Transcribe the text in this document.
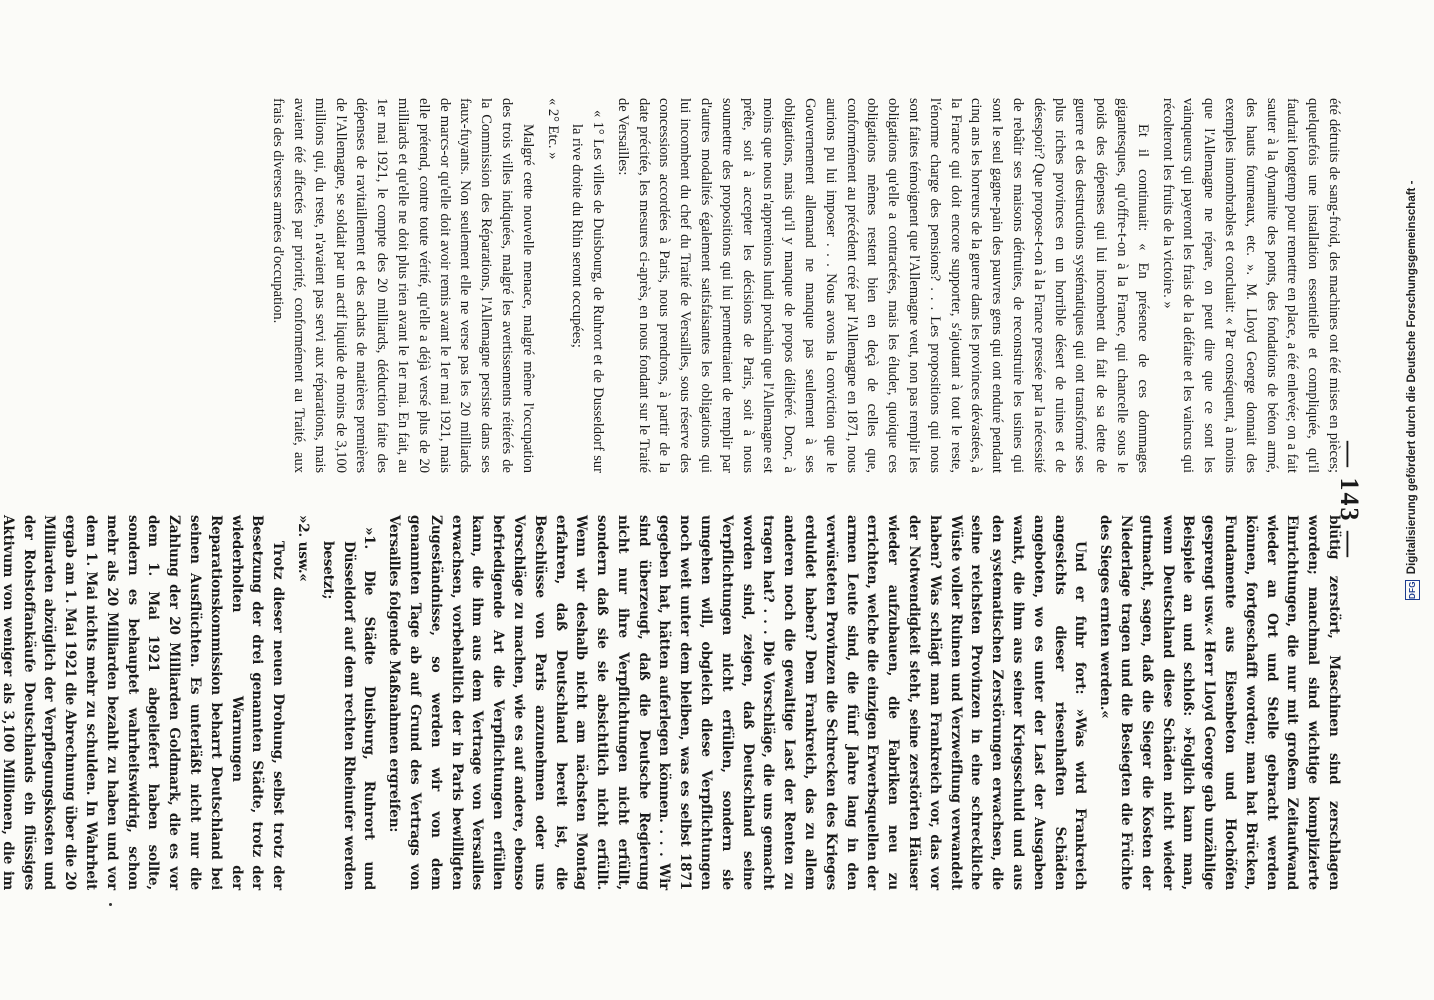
— 143 —

été détruits de sang-froid, des machines ont été mises en pièces; quelquefois une installation essentielle et compliquée, qu'il faudrait longtemp pour remettre en place, a été enlevée; on a fait sauter à la dynamite des ponts, des fondations de béton armé, des hauts fourneaux, etc. ». M. Lloyd George donnait des exemples innombrables et concluait: « Par conséquent, à moins que l'Allemagne ne répare, on peut dire que ce sont les vainqueurs qui payeront les frais de la défaite et les vaincus qui récolteront les fruits de la victoire. »

Et il continuait: « En présence de ces dommages gigantesques, qu'offre-t-on à la France, qui chancelle sous le poids des dépenses qui lui incombent du fait de sa dette de guerre et des destructions systématiques qui ont transformé ses plus riches provinces en un horrible désert de ruines et de désespoir? Que propose-t-on à la France pressée par la nécessité de rebâtir ses maisons détruites, de reconstruire les usines qui sont le seul gagne-pain des pauvres gens qui ont enduré pendant cinq ans les horreurs de la guerre dans les provinces dévastées, à la France qui doit encore supporter, s'ajoutant à tout le reste, l'énorme charge des pensions? . . . Les propositions qui nous sont faites témoignent que l'Allemagne veut, non pas remplir les obligations qu'elle a contractées, mais les éluder, quoique ces obligations mêmes restent bien en deçà de celles que, conformément au précédent créé par l'Allemagne en 1871, nous aurions pu lui imposer . . . Nous avons la conviction que le Gouvernement allemand ne manque pas seulement à ses obligations, mais qu'il y manque de propos délibéré. Donc, à moins que nous n'apprenions lundi prochain que l'Allemagne est prête, soit à accepter les décisions de Paris, soit à nous soumettre des propositions qui lui permettraient de remplir par d'autres modalités également satisfaisantes les obligations qui lui incombent du chef du Traité de Versailles, sous réserve des concessions accordées à Paris, nous prendrons, à partir de la date précitée, les mesures ci-après, en nous fondant sur le Traité de Versailles:

« 1° Les villes de Duisbourg, de Ruhrort et de Dusseldorf sur la rive droite du Rhin seront occupées;

« 2° Etc. »

Malgré cette nouvelle menace, malgré même l'occupation des trois villes indiquées, malgré les avertissements réitérés de la Commission des Réparations, l'Allemagne persiste dans ses faux-fuyants. Non seulement elle ne verse pas les 20 milliards de marcs-or qu'elle doit avoir remis avant le 1er mai 1921, mais elle prétend, contre toute vérité, qu'elle a déjà versé plus de 20 milliards et qu'elle ne doit plus rien avant le 1er mai. En fait, au 1er mai 1921, le compte des 20 milliards, déduction faite des dépenses de ravitaillement et des achats de matières premières de l'Allemagne, se soldait par un actif liquide de moins de 3,100 millions qui, du reste, n'avaient pas servi aux réparations, mais avaient été affectés par priorité, conformément au Traité, aux frais des diverses armées d'occupation.

blütig zerstört, Maschinen sind zerschlagen worden; manchmal sind wichtige komplizierte Einrichtungen, die nur mit großem Zeitaufwand wieder an Ort und Stelle gebracht werden können, fortgeschafft worden; man hat Brücken, Fundamente aus Eisenbeton und Hochöfen gesprengt usw.« Herr Lloyd George gab unzählige Beispiele an und schloß: »Folglich kann man, wenn Deutschland diese Schäden nicht wieder gutmacht, sagen, daß die Sieger die Kosten der Niederlage tragen und die Besiegten die Früchte des Sieges ernten werden.«

Und er fuhr fort: »Was wird Frankreich angesichts dieser riesenhaften Schäden angeboten, wo es unter der Last der Ausgaben wankt, die ihm aus seiner Kriegsschuld und aus den systematischen Zerstörungen erwachsen, die seine reichsten Provinzen in eine schreckliche Wüste voller Ruinen und Verzweiflung verwandelt haben? Was schlägt man Frankreich vor, das vor der Notwendigkeit steht, seine zerstörten Häuser wieder aufzubauen, die Fabriken neu zu errichten, welche die einzigen Erwerbsquellen der armen Leute sind, die fünf Jahre lang in den verwüsteten Provinzen die Schrecken des Krieges erduldet haben? Dem Frankreich, das zu allem anderen noch die gewaltige Last der Renten zu tragen hat? . . . Die Vorschläge, die uns gemacht worden sind, zeigen, daß Deutschland seine Verpflichtungen nicht erfüllen, sondern sie umgehen will, obgleich diese Verpflichtungen noch weit unter dem bleiben, was es selbst 1871 gegeben hat, hätten auferlegen können. . . . Wir sind überzeugt, daß die Deutsche Regierung nicht nur ihre Verpflichtungen nicht erfüllt, sondern daß sie sie absichtlich nicht erfüllt. Wenn wir deshalb nicht am nächsten Montag erfahren, daß Deutschland bereit ist, die Beschlüsse von Paris anzunehmen oder uns Vorschläge zu machen, wie es auf andere, ebenso befriedigende Art die Verpflichtungen erfüllen kann, die ihm aus dem Vertrage von Versailles erwachsen, vorbehaltlich der in Paris bewilligten Zugeständnisse, so werden wir von dem genannten Tage ab auf Grund des Vertrags von Versailles folgende Maßnahmen ergreifen:

»1. Die Städte Duisburg, Ruhrort und Düsseldorf auf dem rechten Rheinufer werden besetzt;

»2. usw.«

Trotz dieser neuen Drohung, selbst trotz der Besetzung der drei genannten Städte, trotz der wiederholten Warnungen der Reparationskommission beharrt Deutschland bei seinen Ausflüchten. Es unterläßt nicht nur die Zahlung der 20 Milliarden Goldmark, die es vor dem 1. Mai 1921 abgeliefert haben sollte, sondern es behauptet wahrheitswidrig, schon mehr als 20 Milliarden bezahlt zu haben und vor dem 1. Mai nichts mehr zu schulden. In Wahrheit ergab am 1. Mai 1921 die Abrechnung über die 20 Milliarden abzüglich der Verpflegungskosten und der Rohstoffankäufe Deutschlands ein flüssiges Aktivum von weniger als 3,100 Millionen, die im

DFG
Digitalisierung gefördert durch die Deutsche Forschungsgemeinschaft -
